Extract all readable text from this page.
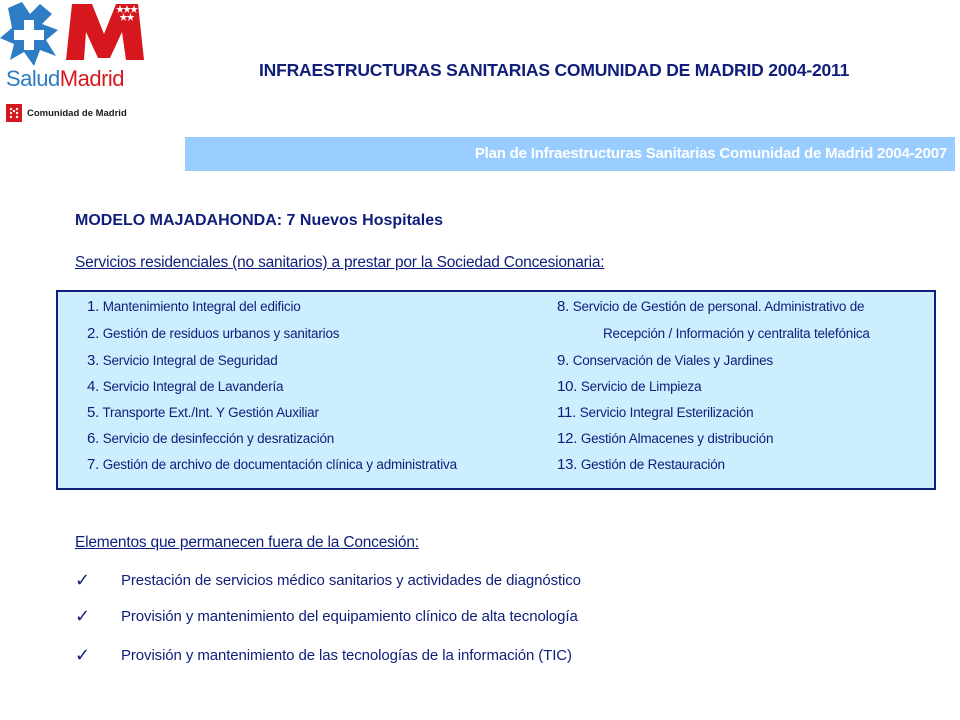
SaludMadrid
Comunidad de Madrid
INFRAESTRUCTURAS SANITARIAS COMUNIDAD DE MADRID 2004-2011
Plan de Infraestructuras Sanitarias Comunidad de Madrid 2004-2007
MODELO MAJADAHONDA: 7 Nuevos Hospitales
Servicios residenciales (no sanitarios) a prestar por la Sociedad Concesionaria:
1. Mantenimiento Integral del edificio
2. Gestión de residuos urbanos y sanitarios
3. Servicio Integral de Seguridad
4. Servicio Integral de Lavandería
5. Transporte Ext./Int. Y Gestión Auxiliar
6. Servicio de desinfección y desratización
7. Gestión de archivo de documentación clínica y administrativa
8. Servicio de Gestión de personal. Administrativo de
Recepción / Información y centralita telefónica
9. Conservación de Viales y Jardines
10. Servicio de Limpieza
11. Servicio Integral Esterilización
12. Gestión Almacenes y distribución
13. Gestión de Restauración
Elementos que permanecen fuera de la Concesión:
✓	Prestación de servicios médico sanitarios y actividades de diagnóstico
✓	Provisión y mantenimiento del equipamiento clínico de alta tecnología
✓	Provisión y mantenimiento de las tecnologías de la información (TIC)
